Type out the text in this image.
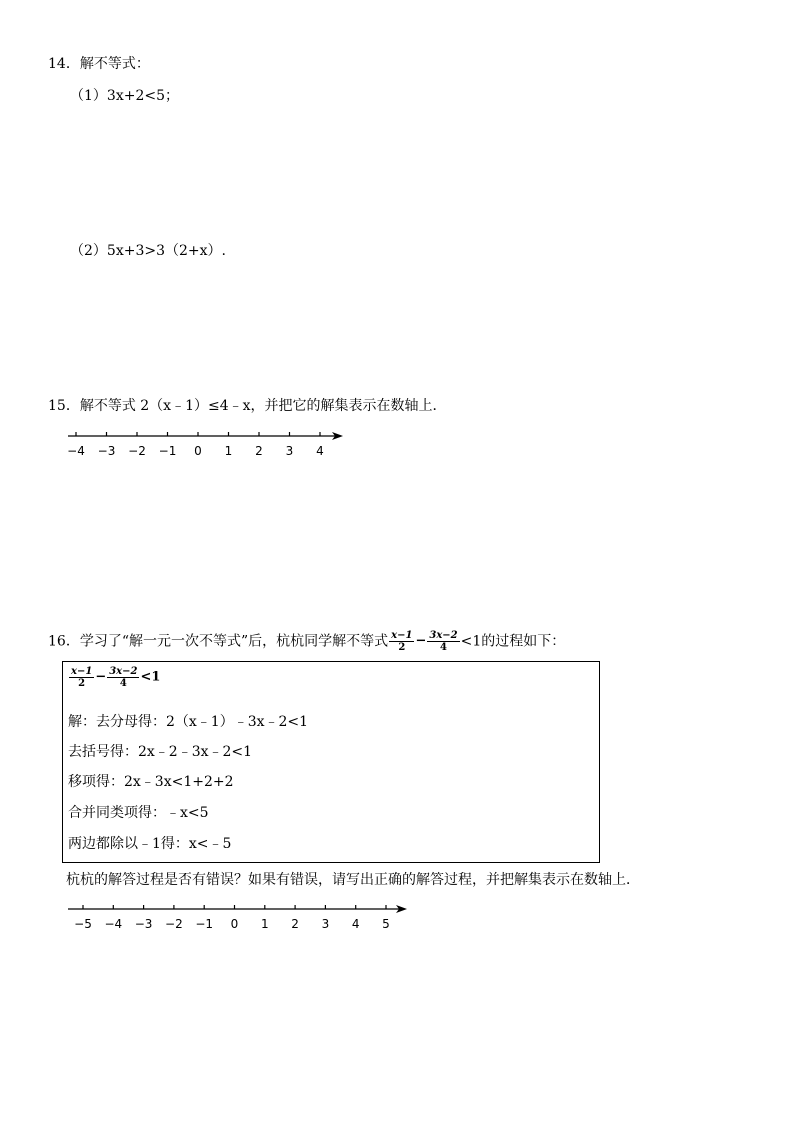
14．解不等式：
（1）3x+2<5；
（2）5x+3>3（2+x）.
15．解不等式 2（x﹣1）≤4﹣x，并把它的解集表示在数轴上．
−4 −3 −2 −1 0 1 2 3 4
16．学习了“解一元一次不等式”后，杭杭同学解不等式 $\frac{x-1}{2} - \frac{3x-2}{4} <1$的过程如下：
$\frac{x-1}{2} - \frac{3x-2}{4} <1$
解：去分母得：2（x﹣1）﹣3x﹣2<1
去括号得：2x﹣2﹣3x﹣2<1
移项得：2x﹣3x<1+2+2
合并同类项得：﹣x<5
两边都除以﹣1得：x<﹣5
杭杭的解答过程是否有错误？如果有错误，请写出正确的解答过程，并把解集表示在数轴上．
−5 −4 −3 −2 −1 0 1 2 3 4 5
